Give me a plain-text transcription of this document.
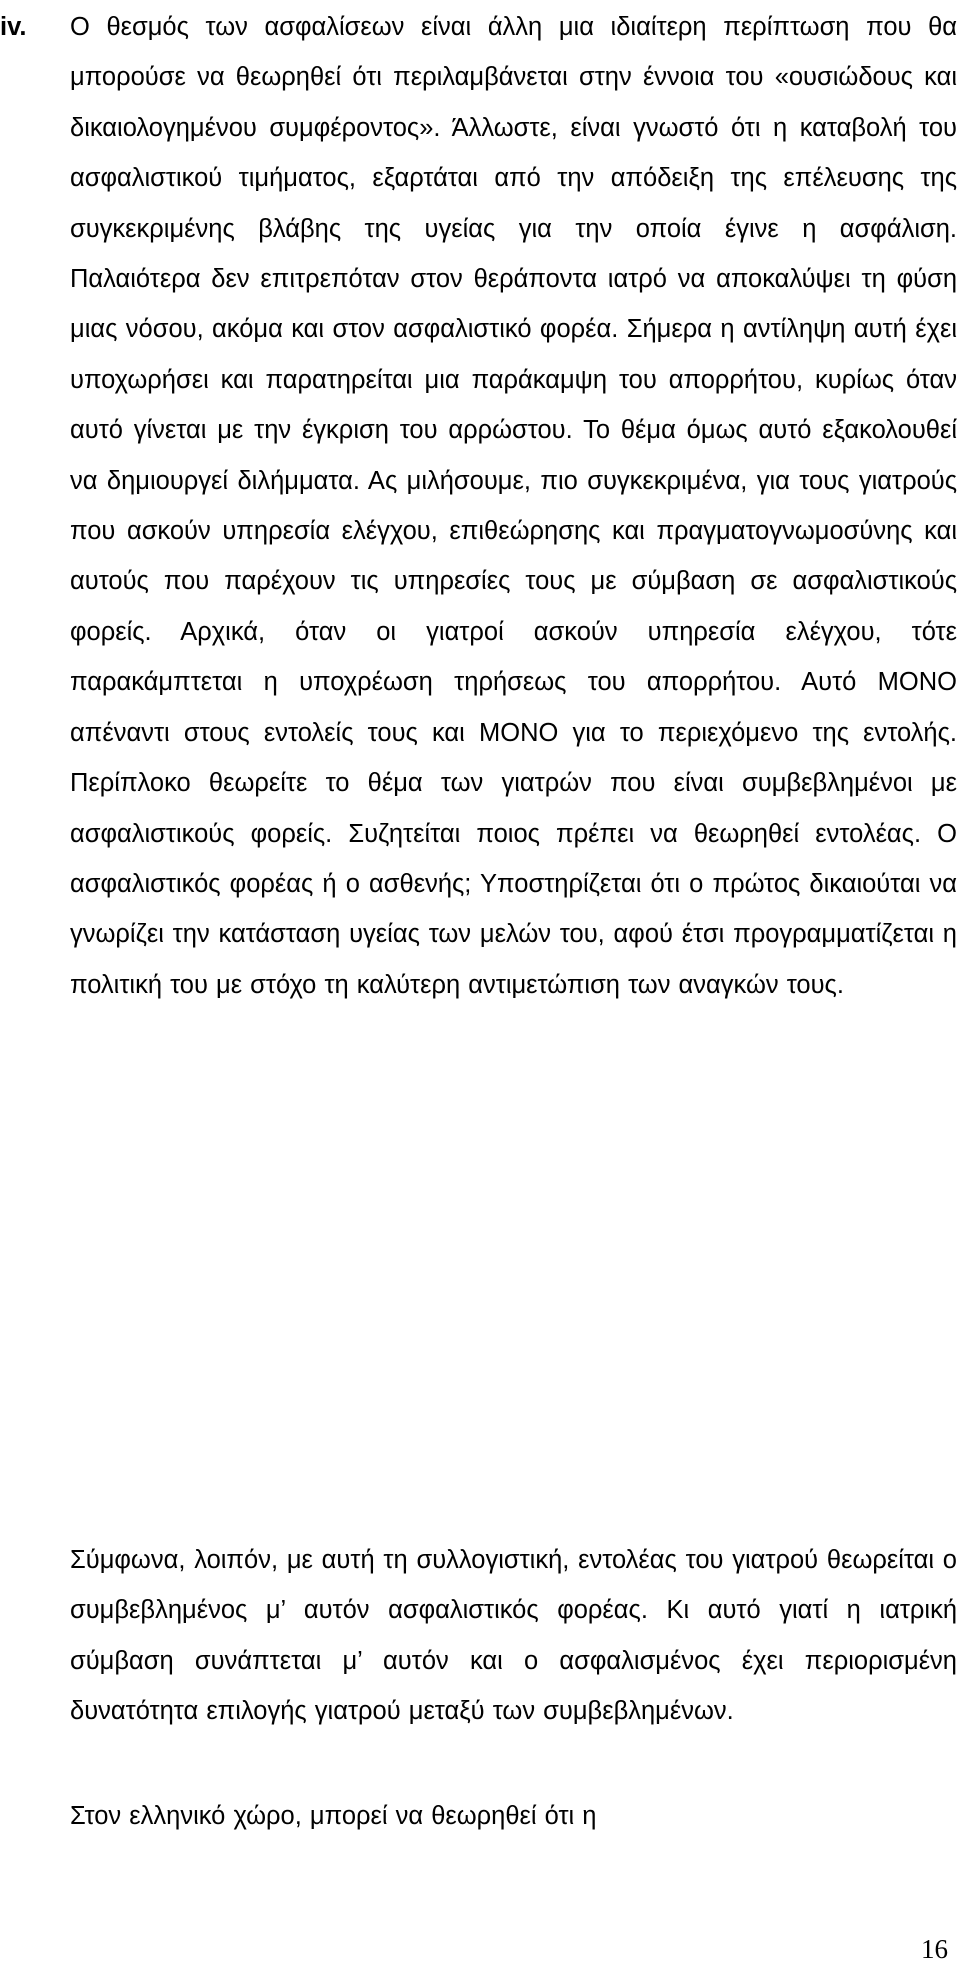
iv. Ο θεσμός των ασφαλίσεων είναι άλλη μια ιδιαίτερη περίπτωση που θα μπορούσε να θεωρηθεί ότι περιλαμβάνεται στην έννοια του «ουσιώδους και δικαιολογημένου συμφέροντος». Άλλωστε, είναι γνωστό ότι η καταβολή του ασφαλιστικού τιμήματος, εξαρτάται από την απόδειξη της επέλευσης της συγκεκριμένης βλάβης της υγείας για την οποία έγινε η ασφάλιση. Παλαιότερα δεν επιτρεπόταν στον θεράποντα ιατρό να αποκαλύψει τη φύση μιας νόσου, ακόμα και στον ασφαλιστικό φορέα. Σήμερα η αντίληψη αυτή έχει υποχωρήσει και παρατηρείται μια παράκαμψη του απορρήτου, κυρίως όταν αυτό γίνεται με την έγκριση του αρρώστου. Το θέμα όμως αυτό εξακολουθεί να δημιουργεί διλήμματα. Ας μιλήσουμε, πιο συγκεκριμένα, για τους γιατρούς που ασκούν υπηρεσία ελέγχου, επιθεώρησης και πραγματογνωμοσύνης και αυτούς που παρέχουν τις υπηρεσίες τους με σύμβαση σε ασφαλιστικούς φορείς. Αρχικά, όταν οι γιατροί ασκούν υπηρεσία ελέγχου, τότε παρακάμπτεται η υποχρέωση τηρήσεως του απορρήτου. Αυτό ΜΟΝΟ απέναντι στους εντολείς τους και ΜΟΝΟ για το περιεχόμενο της εντολής. Περίπλοκο θεωρείτε το θέμα των γιατρών που είναι συμβεβλημένοι με ασφαλιστικούς φορείς. Συζητείται ποιος πρέπει να θεωρηθεί εντολέας. Ο ασφαλιστικός φορέας ή ο ασθενής; Υποστηρίζεται ότι ο πρώτος δικαιούται να γνωρίζει την κατάσταση υγείας των μελών του, αφού έτσι προγραμματίζεται η πολιτική του με στόχο τη καλύτερη αντιμετώπιση των αναγκών τους.
Σύμφωνα, λοιπόν, με αυτή τη συλλογιστική, εντολέας του γιατρού θεωρείται ο συμβεβλημένος μ’ αυτόν ασφαλιστικός φορέας. Κι αυτό γιατί η ιατρική σύμβαση συνάπτεται μ’ αυτόν και ο ασφαλισμένος έχει περιορισμένη δυνατότητα επιλογής γιατρού μεταξύ των συμβεβλημένων.
Στον ελληνικό χώρο, μπορεί να θεωρηθεί ότι η
16
